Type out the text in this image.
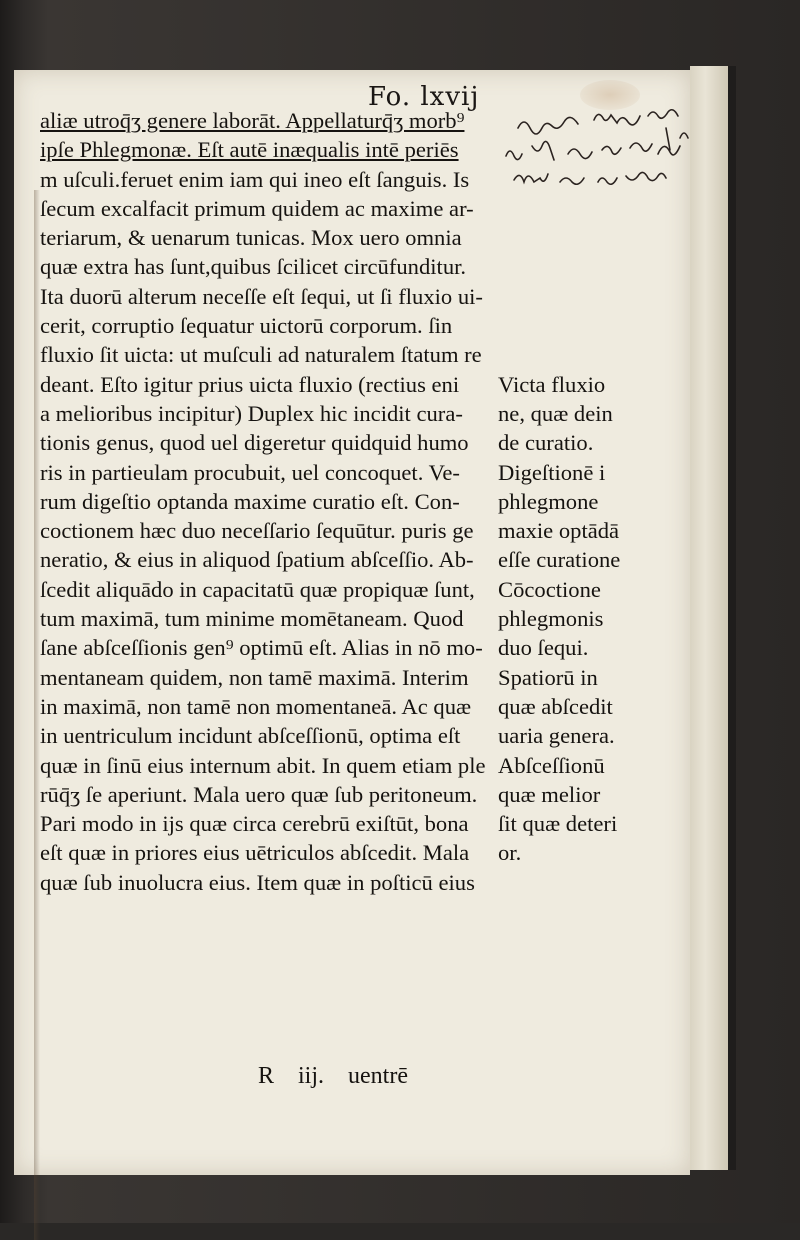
Fo. lxvij
aliæ utroq̄ʒ genere laborāt. Appellaturq̄ʒ morb⁹
ipſe Phlegmonæ. Eſt autē inæqualis intē periēs
m uſculi.feruet enim iam qui ineo eſt ſanguis. Is
ſecum excalfacit primum quidem ac maxime ar-
teriarum, & uenarum tunicas. Mox uero omnia
quæ extra has ſunt,quibus ſcilicet circūfunditur.
Ita duorū alterum neceſſe eſt ſequi, ut ſi fluxio ui-
cerit, corruptio ſequatur uictorū corporum. ſin
fluxio ſit uicta: ut muſculi ad naturalem ſtatum re
deant. Eſto igitur prius uicta fluxio (rectius eni Victa fluxio
a melioribus incipitur) Duplex hic incidit cura- ne, quæ dein
tionis genus, quod uel digeretur quidquid humo de curatio.
ris in partieulam procubuit, uel concoquet. Ve- Digeſtionē i
rum digeſtio optanda maxime curatio eſt. Con- phlegmone
coctionem hæc duo neceſſario ſequūtur. puris ge maxie optādā
neratio, & eius in aliquod ſpatium abſceſſio. Ab- eſſe curatione
ſcedit aliquādo in capacitatū quæ propiquæ ſunt, Cōcoctione
tum maximā, tum minime momētaneam. Quod phlegmonis
ſane abſceſſionis gen⁹ optimū eſt. Alias in nō mo- duo ſequi.
mentaneam quidem, non tamē maximā. Interim Spatiorū in
in maximā, non tamē non momentaneā. Ac quæ quæ abſcedit
in uentriculum incidunt abſceſſionū, optima eſt uaria genera.
quæ in ſinū eius internum abit. In quem etiam ple Abſceſſionū
rūq̄ʒ ſe aperiunt. Mala uero quæ ſub peritoneum. quæ melior
Pari modo in ijs quæ circa cerebrū exiſtūt, bona ſit quæ deteri
eſt quæ in priores eius uētriculos abſcedit. Mala or.
quæ ſub inuolucra eius. Item quæ in poſticū eius
R iij. uentrē
